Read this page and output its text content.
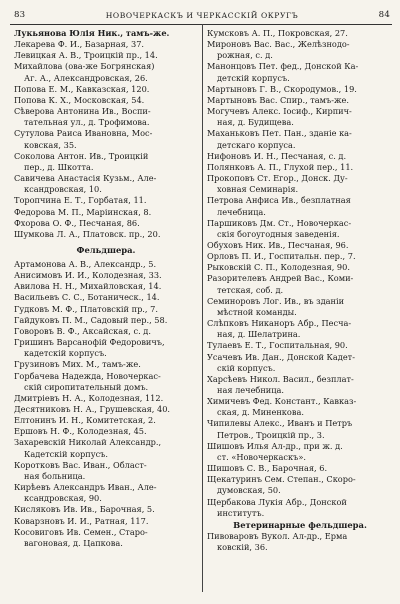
83	НОВОЧЕРКАСКЪ И ЧЕРКАССКІЙ ОКРУГЪ	84
Лукьянова Юлія Ник., тамъ-же.
Лекарева Ф. И., Базарная, 37.
Левицкая А. В., Троицкій пр., 14.
Михайлова (ова-же Богрянская)
Аг. А., Александровская, 26.
Попова Е. М., Кавказская, 120.
Попова К. Х., Московская, 54.
Сѣверова Антонина Ив., Воспи-
тательная ул., д. Трофимова.
Сутулова Раиса Ивановна, Мос-
ковская, 35.
Соколова Антон. Ив., Троицкій
пер., д. Шкотта.
Савичева Анастасія Кузьм., Але-
ксандровская, 10.
Торопчина Е. Т., Горбатая, 11.
Федорова М. П., Маріинская, 8.
Фхорова О. Ф., Песчаная, 86.
Шумкова Л. А., Платовск. пр., 20.
Фельдшера.
Артамонова А. В., Александр., 5.
Анисимовъ И. И., Колодезная, 33.
Авилова Н. Н., Михайловская, 14.
Васильевъ С. С., Ботаническ., 14.
Гудковъ М. Ф., Платовскій пр., 7.
Гайдуковъ П. М., Садовый пер., 58.
Говоровъ В. Ф., Аксайская, с. д.
Гришинъ Варсанофій Федоровичъ,
кадетскій корпусъ.
Грузиновъ Мих. М., тамъ-же.
Горбачева Надежда, Новочеркас-
скій сиропитательный домъ.
Дмитріевъ Н. А., Колодезная, 112.
Десятниковъ Н. А., Грушевская, 40.
Елтонинъ И. Н., Комитетская, 2.
Ершовъ Н. Ф., Колодезная, 45.
Захаревскій Николай Александр.,
Кадетскій корпусъ.
Коротковъ Вас. Иван., Област-
ная больница.
Кирѣевъ Александръ Иван., Але-
ксандровская, 90.
Кисляковъ Ив. Ив., Барочная, 5.
Коварзновъ И. И., Ратная, 117.
Косовиговъ Ив. Семен., Старо-
вагоновая, д. Цапкова.
Кумсковъ А. П., Покровская, 27.
Мироновъ Вас. Вас., Желѣзнодо-
рожная, с. д.
Манонцовъ Пет. фед., Донской Ка-
детскій корпусъ.
Мартыновъ Г. В., Скородумов., 19.
Мартыновъ Вас. Спир., тамъ-же.
Могучевъ Алекс. Іосиф., Кирпич-
ная, д. Будищева.
Маханьковъ Пет. Пан., зданіе ка-
детскаго корпуса.
Нифоновъ И. Н., Песчаная, с. д.
Полянковъ А. П., Глухой пер., 11.
Прокоповъ Ст. Егор., Донск. Ду-
ховная Семинарія.
Петрова Анфиса Ив., безплатная
лечебница.
Паршиковъ Дм. Ст., Новочеркас-
скія богоугодныя заведенія.
Обуховъ Ник. Ив., Песчаная, 96.
Орловъ П. И., Госпитальн. пер., 7.
Рыковскій С. П., Колодезная, 90.
Разорителевъ Андрей Вас., Коми-
тетская, соб. д.
Семиноровъ Лог. Ив., въ зданіи
мѣстной команды.
Слѣпковъ Никаноръ Абр., Песча-
ная, д. Шелатрина.
Тулаевъ Е. Т., Госпитальная, 90.
Усачевъ Ив. Дан., Донской Кадет-
скій корпусъ.
Харсѣевъ Никол. Васил., безплат-
ная лечебница.
Химичевъ Фед. Констант., Кавказ-
ская, д. Миненкова.
Чипилевы Алекс., Иванъ и Петръ
Петров., Троицкій пр., 3.
Шишовъ Илья Ал-др., при ж. д.
ст. «Новочеркаскъ».
Шишовъ С. В., Барочная, 6.
Щекатуринъ Сем. Степан., Скоро-
думовская, 50.
Щербакова Лукія Абр., Донской
институтъ.
Ветеринарные фельдшера.
Пивоваровъ Вукол. Ал-др., Ерма
ковскій, 36.
